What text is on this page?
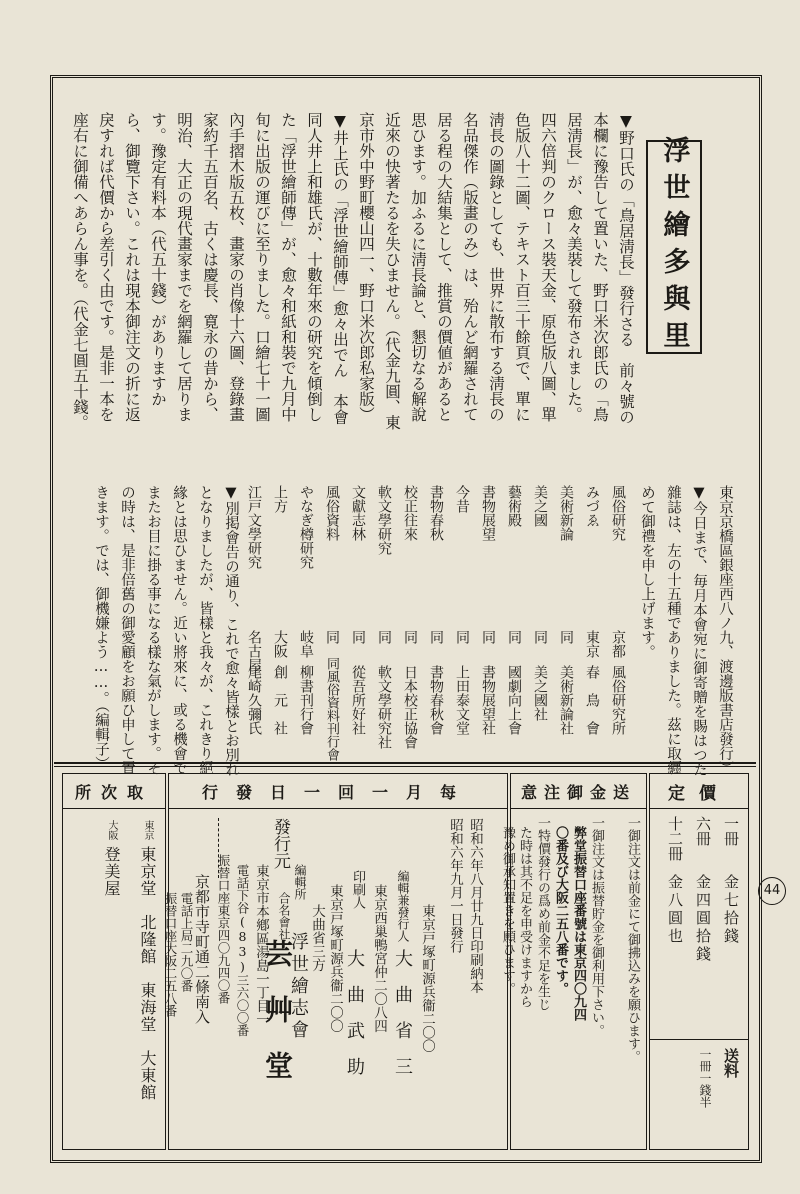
44
浮世繪多與里
▼野口氏の「鳥居淸長」發行さる　前々號の
本欄に豫告して置いた、野口米次郎氏の「鳥
居淸長」が、愈々美裝して發布されました。
四六倍判のクロース裝天金、原色版八圖、單
色版八十二圖、テキスト百三十餘頁で、單に
淸長の圖錄としても、世界に散布する淸長の
名品傑作（版畫のみ）は、殆んど網羅されて
居る程の大結集として、推賞の價値があると
思ひます。加ふるに淸長論と、懇切なる解說
近來の快著たるを失ひません。（代金九圓、東
京市外中野町櫻山四一、野口米次郎私家版）
▼井上氏の「浮世繪師傳」愈々出でん　本會
同人井上和雄氏が、十數年來の研究を傾倒し
た「浮世繪師傳」が、愈々和紙和裝で九月中
旬に出版の運びに至りました。口繪七十一圖
內手摺木版五枚、畫家の肖像十六圖、登錄畫
家約千五百名、古くは慶長、寛永の昔から、
明治、大正の現代畫家までを網羅して居りま
す。豫定有料本（代五十錢）がありますか
ら、御覽下さい。これは現本御注文の折に返
戾すれば代價から差引く由です。是非一本を
座右に御備へあらん事を。（代金七圓五十錢。
東京京橋區銀座西八ノ九、渡邊版書店發行）
▼今日まで、毎月本會宛に御寄贈を賜はつた
雜誌は、左の十五種でありました。茲に取纒
めて御禮を申し上げます。
風俗研究
京都
風俗研究所
みづゑ
東京
春　鳥　會
美術新論
同
美術新論社
美之國
同
美之國社
藝術殿
同
國劇向上會
書物展望
同
書物展望社
今昔
同
上田泰文堂
書物春秋
同
書物春秋會
校正往來
同
日本校正協會
軟文學研究
同
軟文學研究社
文獻志林
同
從吾所好社
風俗資料
同
同風俗資料刊行會
やなぎ樽研究
岐阜
柳書刊行會
上方
大阪
創　元　社
江戸文學研究
名古屋
尾崎久彌氏
▼別掲會告の通り、これで愈々皆樣とお別れ
となりましたが、皆樣と我々が、これきり絕
緣とは思ひません。近い將來に、或る機會で
またお目に掛る事になる樣な氣がします。そ
の時は、是非倍舊の御愛顧をお願ひ申して置
きます。では、御機嫌よう……。（編輯子）
定價
一冊
金七拾錢
六冊
金四圓拾錢
十二冊
金八圓也
送料
一冊一錢半
送金御注意
一御注文は前金にて御拂込みを願ひます。
一御注文は振替貯金を御利用下さい。
弊堂振替口座番號は東京四〇九四
〇番及び大阪二五八番です。
一特價發行の爲め前金不足を生じ
た時は其不足を申受けますから
豫め御承知置きを願ひます。
每月一回一日發行
昭和六年八月廿九日印刷納本
昭和六年九月一日發行
東京戸塚町源兵衞二〇〇
編輯兼發行人
大　曲　省　三
東京西巢鴨宮仲二〇八四
印刷人
大　曲　武　助
東京戸塚町源兵衞二〇〇
大曲省三方
編輯所
浮世繪志會
東京市本鄕區湯島一丁目一
電話下谷(83)三六〇〇番
振替口座東京四〇九四〇番
發行元
合名會社
芸　艸　堂
京都市寺町通二條南入
電話上局二九〇番
振替口座大阪二五八番
取次所
東京
東京堂　北隆館　東海堂　大東館
大阪
登美屋
